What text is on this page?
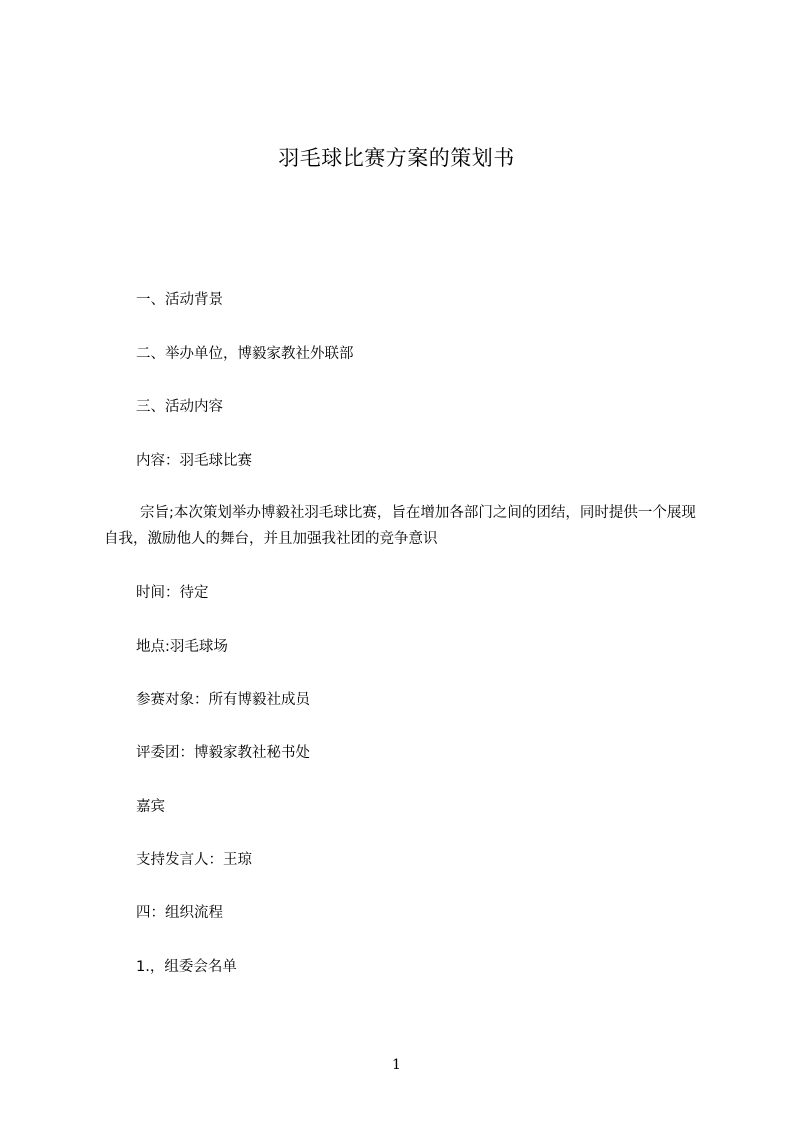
羽毛球比赛方案的策划书
一、活动背景
二、举办单位，博毅家教社外联部
三、活动内容
内容：羽毛球比赛
宗旨;本次策划举办博毅社羽毛球比赛，旨在增加各部门之间的团结，同时提供一个展现自我，激励他人的舞台，并且加强我社团的竞争意识
时间：待定
地点:羽毛球场
参赛对象：所有博毅社成员
评委团：博毅家教社秘书处
嘉宾
支持发言人：王琼
四：组织流程
1.，组委会名单
1
